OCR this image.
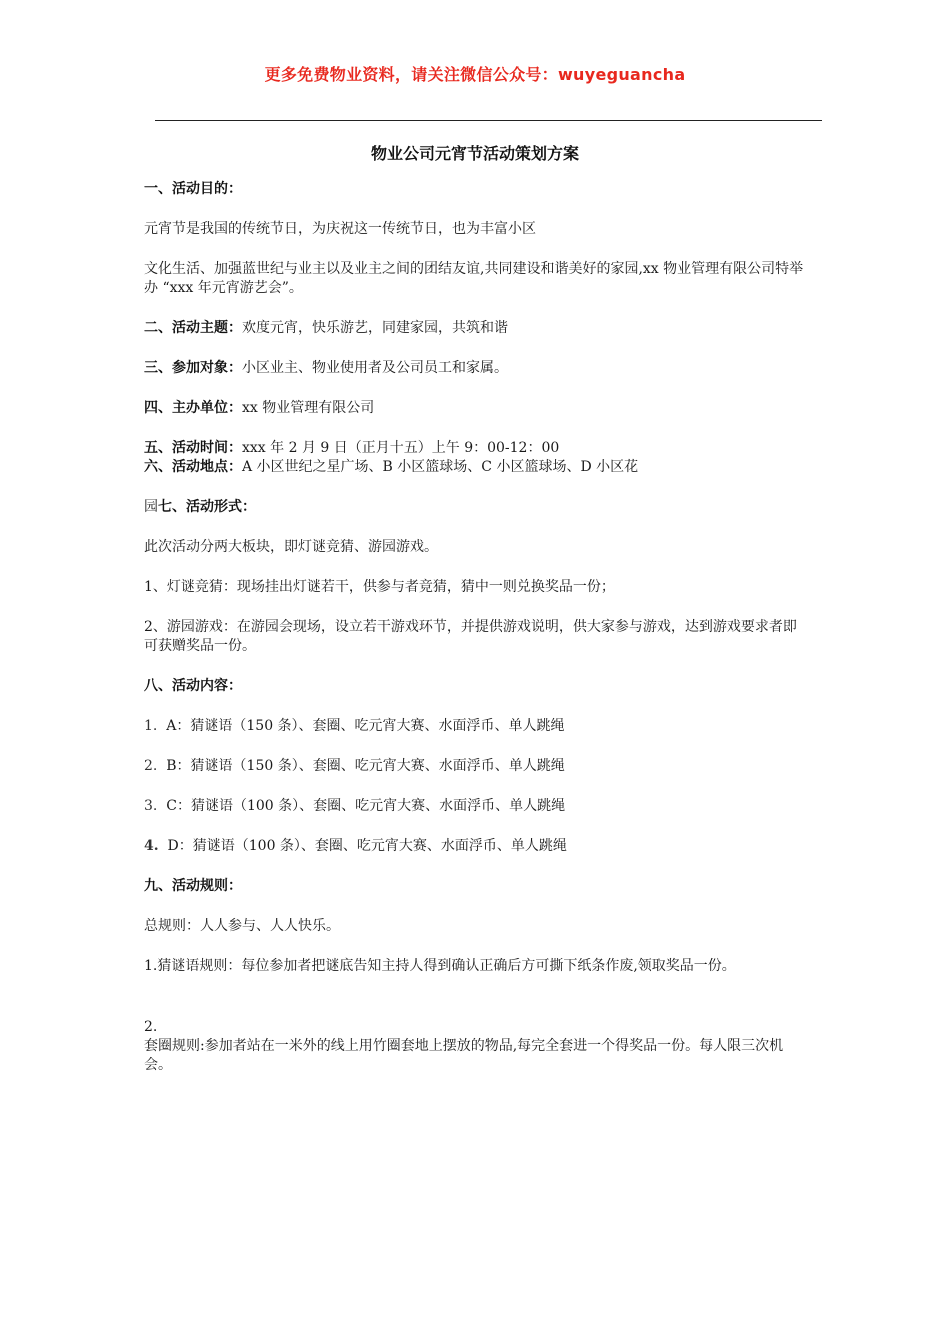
更多免费物业资料，请关注微信公众号：wuyeguancha
物业公司元宵节活动策划方案

一、活动目的：

元宵节是我国的传统节日，为庆祝这一传统节日，也为丰富小区

文化生活、加强蓝世纪与业主以及业主之间的团结友谊,共同建设和谐美好的家园,xx 物业管理有限公司特举办 “xxx 年元宵游艺会”。

二、活动主题：欢度元宵，快乐游艺，同建家园，共筑和谐

三、参加对象：小区业主、物业使用者及公司员工和家属。

四、主办单位：xx 物业管理有限公司

五、活动时间：xxx 年 2 月 9 日（正月十五）上午 9：00-12：00

六、活动地点：A 小区世纪之星广场、B 小区篮球场、C 小区篮球场、D 小区花

园七、活动形式：

此次活动分两大板块，即灯谜竞猜、游园游戏。

1、灯谜竞猜：现场挂出灯谜若干，供参与者竞猜，猜中一则兑换奖品一份；

2、游园游戏：在游园会现场，设立若干游戏环节，并提供游戏说明，供大家参与游戏，达到游戏要求者即可获赠奖品一份。

八、活动内容：

1. A：猜谜语（150 条）、套圈、吃元宵大赛、水面浮币、单人跳绳

2. B：猜谜语（150 条）、套圈、吃元宵大赛、水面浮币、单人跳绳

3. C：猜谜语（100 条）、套圈、吃元宵大赛、水面浮币、单人跳绳

4. D：猜谜语（100 条）、套圈、吃元宵大赛、水面浮币、单人跳绳

九、活动规则：

总规则：人人参与、人人快乐。

1.猜谜语规则：每位参加者把谜底告知主持人得到确认正确后方可撕下纸条作废,领取奖品一份。

2.

套圈规则:参加者站在一米外的线上用竹圈套地上摆放的物品,每完全套进一个得奖品一份。每人限三次机会。
